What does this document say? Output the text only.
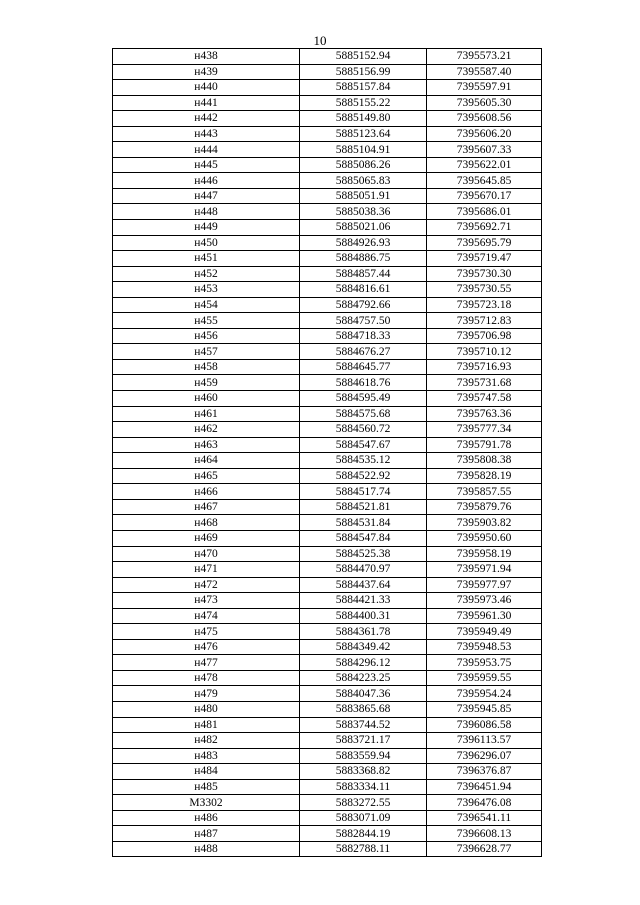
10
н438	5885152.94	7395573.21
н439	5885156.99	7395587.40
н440	5885157.84	7395597.91
н441	5885155.22	7395605.30
н442	5885149.80	7395608.56
н443	5885123.64	7395606.20
н444	5885104.91	7395607.33
н445	5885086.26	7395622.01
н446	5885065.83	7395645.85
н447	5885051.91	7395670.17
н448	5885038.36	7395686.01
н449	5885021.06	7395692.71
н450	5884926.93	7395695.79
н451	5884886.75	7395719.47
н452	5884857.44	7395730.30
н453	5884816.61	7395730.55
н454	5884792.66	7395723.18
н455	5884757.50	7395712.83
н456	5884718.33	7395706.98
н457	5884676.27	7395710.12
н458	5884645.77	7395716.93
н459	5884618.76	7395731.68
н460	5884595.49	7395747.58
н461	5884575.68	7395763.36
н462	5884560.72	7395777.34
н463	5884547.67	7395791.78
н464	5884535.12	7395808.38
н465	5884522.92	7395828.19
н466	5884517.74	7395857.55
н467	5884521.81	7395879.76
н468	5884531.84	7395903.82
н469	5884547.84	7395950.60
н470	5884525.38	7395958.19
н471	5884470.97	7395971.94
н472	5884437.64	7395977.97
н473	5884421.33	7395973.46
н474	5884400.31	7395961.30
н475	5884361.78	7395949.49
н476	5884349.42	7395948.53
н477	5884296.12	7395953.75
н478	5884223.25	7395959.55
н479	5884047.36	7395954.24
н480	5883865.68	7395945.85
н481	5883744.52	7396086.58
н482	5883721.17	7396113.57
н483	5883559.94	7396296.07
н484	5883368.82	7396376.87
н485	5883334.11	7396451.94
МЗ302	5883272.55	7396476.08
н486	5883071.09	7396541.11
н487	5882844.19	7396608.13
н488	5882788.11	7396628.77
